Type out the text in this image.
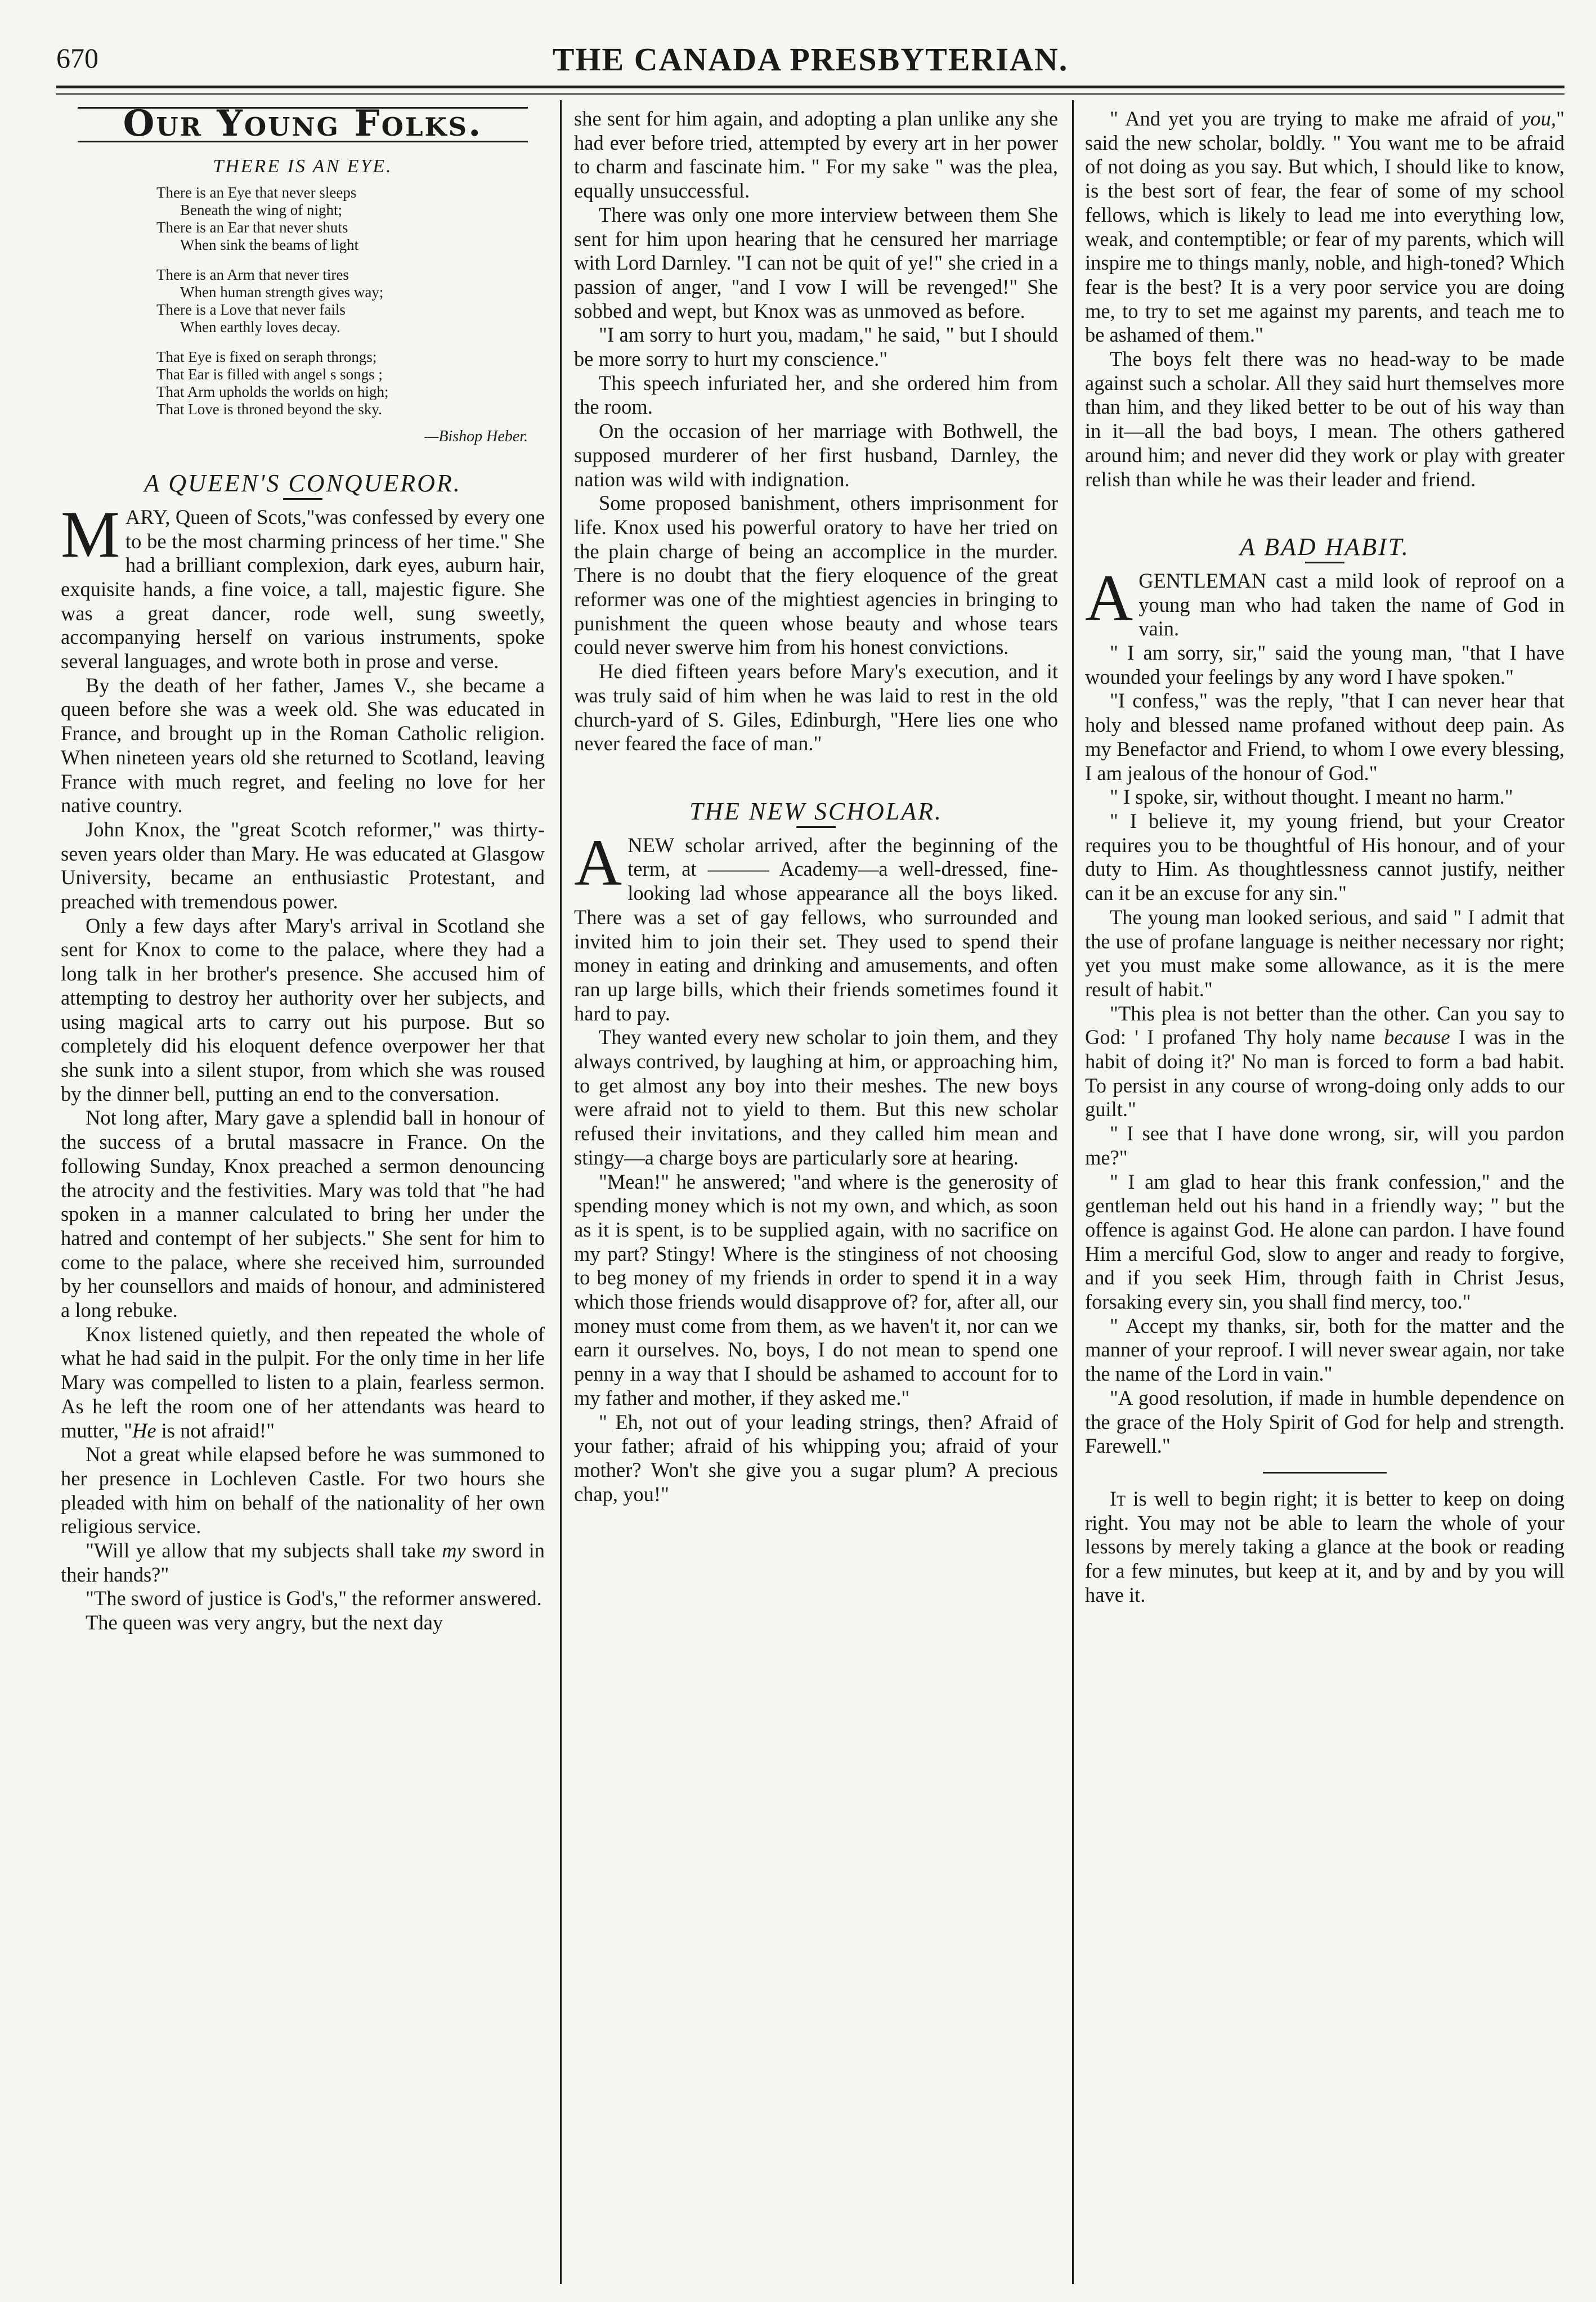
670	THE CANADA PRESBYTERIAN.
Our Young Folks.
THERE IS AN EYE.
There is an Eye that never sleeps
Beneath the wing of night;
There is an Ear that never shuts
When sink the beams of light
There is an Arm that never tires
When human strength gives way;
There is a Love that never fails
When earthly loves decay.
That Eye is fixed on seraph throngs;
That Ear is filled with angel s songs ;
That Arm upholds the worlds on high;
That Love is throned beyond the sky.
—Bishop Heber.
A QUEEN'S CONQUEROR.

MARY, Queen of Scots,"was confessed by every one to be the most charming princess of her time." She had a brilliant complexion, dark eyes, auburn hair, exquisite hands, a fine voice, a tall, majestic figure. She was a great dancer, rode well, sung sweetly, accompanying herself on various instruments, spoke several languages, and wrote both in prose and verse.

By the death of her father, James V., she became a queen before she was a week old. She was educated in France, and brought up in the Roman Catholic religion. When nineteen years old she returned to Scotland, leaving France with much regret, and feeling no love for her native country.

John Knox, the "great Scotch reformer," was thirty-seven years older than Mary. He was educated at Glasgow University, became an enthusiastic Protestant, and preached with tremendous power.

Only a few days after Mary's arrival in Scotland she sent for Knox to come to the palace, where they had a long talk in her brother's presence. She accused him of attempting to destroy her authority over her subjects, and using magical arts to carry out his purpose. But so completely did his eloquent defence overpower her that she sunk into a silent stupor, from which she was roused by the dinner bell, putting an end to the conversation.

Not long after, Mary gave a splendid ball in honour of the success of a brutal massacre in France. On the following Sunday, Knox preached a sermon denouncing the atrocity and the festivities. Mary was told that "he had spoken in a manner calculated to bring her under the hatred and contempt of her subjects." She sent for him to come to the palace, where she received him, surrounded by her counsellors and maids of honour, and administered a long rebuke.

Knox listened quietly, and then repeated the whole of what he had said in the pulpit. For the only time in her life Mary was compelled to listen to a plain, fearless sermon. As he left the room one of her attendants was heard to mutter, "He is not afraid!"

Not a great while elapsed before he was summoned to her presence in Lochleven Castle. For two hours she pleaded with him on behalf of the nationality of her own religious service.

"Will ye allow that my subjects shall take my sword in their hands?"

"The sword of justice is God's," the reformer answered.

The queen was very angry, but the next day

she sent for him again, and adopting a plan unlike any she had ever before tried, attempted by every art in her power to charm and fascinate him. " For my sake " was the plea, equally unsuccessful.

There was only one more interview between them She sent for him upon hearing that he censured her marriage with Lord Darnley. "I can not be quit of ye!" she cried in a passion of anger, "and I vow I will be revenged!" She sobbed and wept, but Knox was as unmoved as before.

"I am sorry to hurt you, madam," he said, " but I should be more sorry to hurt my conscience."

This speech infuriated her, and she ordered him from the room.

On the occasion of her marriage with Bothwell, the supposed murderer of her first husband, Darnley, the nation was wild with indignation.

Some proposed banishment, others imprisonment for life. Knox used his powerful oratory to have her tried on the plain charge of being an accomplice in the murder. There is no doubt that the fiery eloquence of the great reformer was one of the mightiest agencies in bringing to punishment the queen whose beauty and whose tears could never swerve him from his honest convictions.

He died fifteen years before Mary's execution, and it was truly said of him when he was laid to rest in the old church-yard of S. Giles, Edinburgh, "Here lies one who never feared the face of man."

THE NEW SCHOLAR.

ANEW scholar arrived, after the beginning of the term, at ——— Academy—a well-dressed, fine-looking lad whose appearance all the boys liked. There was a set of gay fellows, who surrounded and invited him to join their set. They used to spend their money in eating and drinking and amusements, and often ran up large bills, which their friends sometimes found it hard to pay.

They wanted every new scholar to join them, and they always contrived, by laughing at him, or approaching him, to get almost any boy into their meshes. The new boys were afraid not to yield to them. But this new scholar refused their invitations, and they called him mean and stingy—a charge boys are particularly sore at hearing.

"Mean!" he answered; "and where is the generosity of spending money which is not my own, and which, as soon as it is spent, is to be supplied again, with no sacrifice on my part? Stingy! Where is the stinginess of not choosing to beg money of my friends in order to spend it in a way which those friends would disapprove of? for, after all, our money must come from them, as we haven't it, nor can we earn it ourselves. No, boys, I do not mean to spend one penny in a way that I should be ashamed to account for to my father and mother, if they asked me."

" Eh, not out of your leading strings, then? Afraid of your father; afraid of his whipping you; afraid of your mother? Won't she give you a sugar plum? A precious chap, you!"

" And yet you are trying to make me afraid of you," said the new scholar, boldly. " You want me to be afraid of not doing as you say. But which, I should like to know, is the best sort of fear, the fear of some of my school fellows, which is likely to lead me into everything low, weak, and contemptible; or fear of my parents, which will inspire me to things manly, noble, and high-toned? Which fear is the best? It is a very poor service you are doing me, to try to set me against my parents, and teach me to be ashamed of them."

The boys felt there was no head-way to be made against such a scholar. All they said hurt themselves more than him, and they liked better to be out of his way than in it—all the bad boys, I mean. The others gathered around him; and never did they work or play with greater relish than while he was their leader and friend.

A BAD HABIT.

AGENTLEMAN cast a mild look of reproof on a young man who had taken the name of God in vain.

" I am sorry, sir," said the young man, "that I have wounded your feelings by any word I have spoken."

"I confess," was the reply, "that I can never hear that holy and blessed name profaned without deep pain. As my Benefactor and Friend, to whom I owe every blessing, I am jealous of the honour of God."

" I spoke, sir, without thought. I meant no harm."

" I believe it, my young friend, but your Creator requires you to be thoughtful of His honour, and of your duty to Him. As thoughtlessness cannot justify, neither can it be an excuse for any sin."

The young man looked serious, and said " I admit that the use of profane language is neither necessary nor right; yet you must make some allowance, as it is the mere result of habit."

"This plea is not better than the other. Can you say to God: ' I profaned Thy holy name because I was in the habit of doing it?' No man is forced to form a bad habit. To persist in any course of wrong-doing only adds to our guilt."

" I see that I have done wrong, sir, will you pardon me?"

" I am glad to hear this frank confession," and the gentleman held out his hand in a friendly way; " but the offence is against God. He alone can pardon. I have found Him a merciful God, slow to anger and ready to forgive, and if you seek Him, through faith in Christ Jesus, forsaking every sin, you shall find mercy, too."

" Accept my thanks, sir, both for the matter and the manner of your reproof. I will never swear again, nor take the name of the Lord in vain."

"A good resolution, if made in humble dependence on the grace of the Holy Spirit of God for help and strength. Farewell."

It is well to begin right; it is better to keep on doing right. You may not be able to learn the whole of your lessons by merely taking a glance at the book or reading for a few minutes, but keep at it, and by and by you will have it.
